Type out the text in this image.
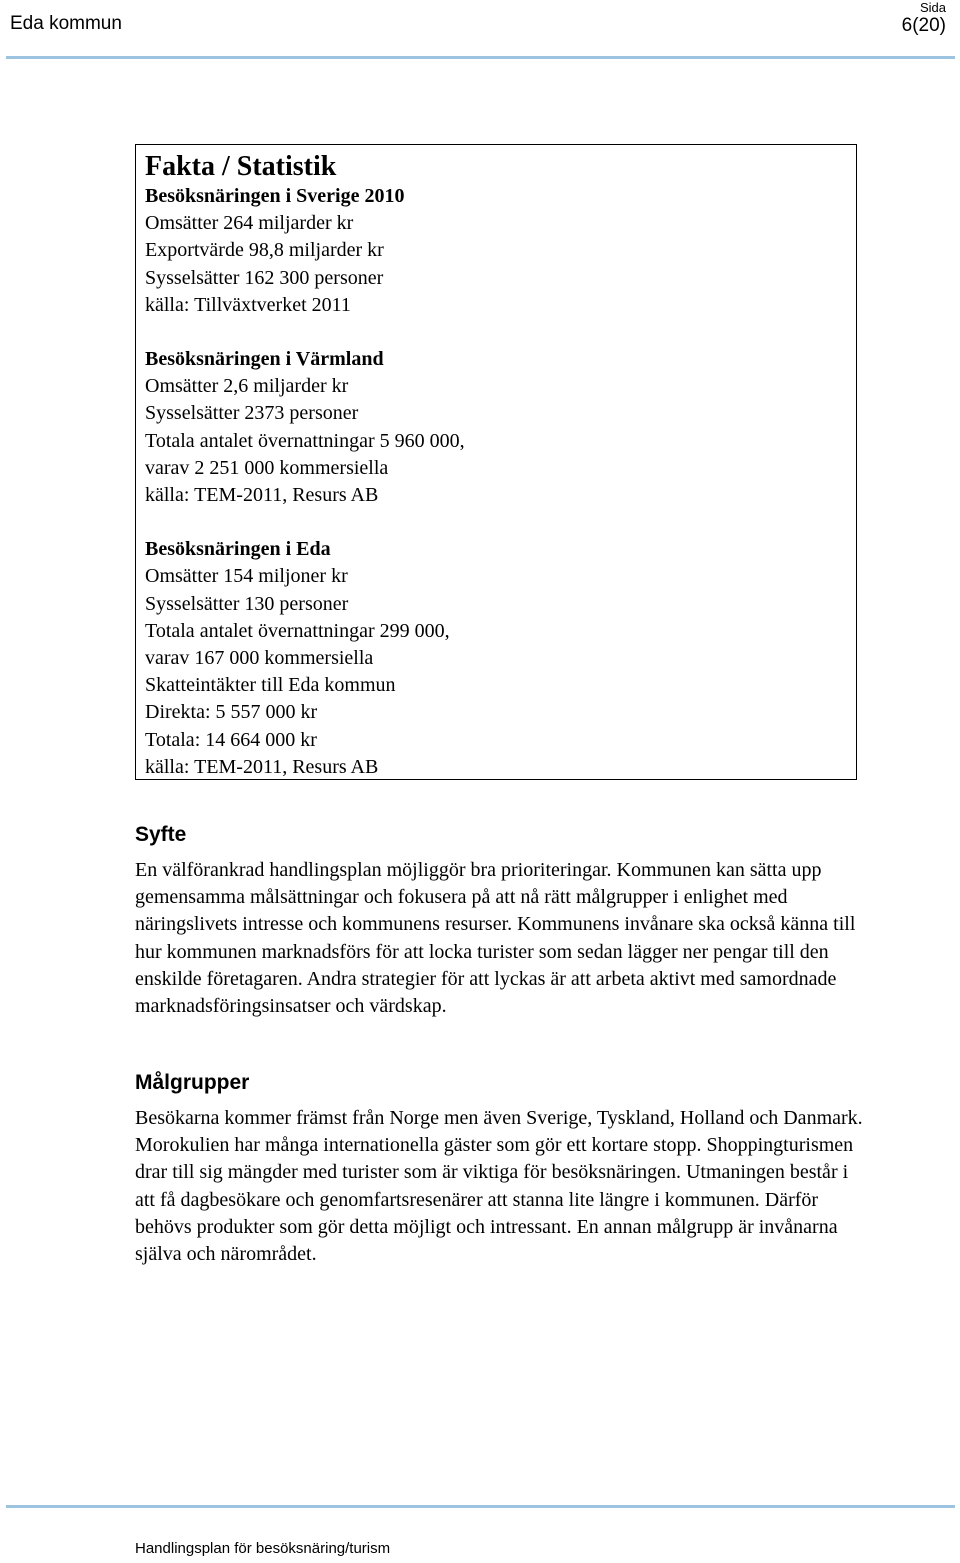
Eda kommun
Sida
6(20)
Fakta / Statistik
Besöksnäringen i Sverige 2010
Omsätter 264 miljarder kr
Exportvärde 98,8 miljarder kr
Sysselsätter 162 300 personer
källa: Tillväxtverket 2011
Besöksnäringen i Värmland
Omsätter 2,6 miljarder kr
Sysselsätter 2373 personer
Totala antalet övernattningar 5 960 000,
varav 2 251 000 kommersiella
källa: TEM-2011, Resurs AB
Besöksnäringen i Eda
Omsätter 154 miljoner kr
Sysselsätter 130 personer
Totala antalet övernattningar 299 000,
varav 167 000 kommersiella
Skatteintäkter till Eda kommun
Direkta: 5 557 000 kr
Totala: 14 664 000 kr
källa: TEM-2011, Resurs AB
Syfte

En välförankrad handlingsplan möjliggör bra prioriteringar. Kommunen kan sätta upp gemensamma målsättningar och fokusera på att nå rätt målgrupper i enlighet med näringslivets intresse och kommunens resurser. Kommunens invånare ska också känna till hur kommunen marknadsförs för att locka turister som sedan lägger ner pengar till den enskilde företagaren. Andra strategier för att lyckas är att arbeta aktivt med samordnade marknadsföringsinsatser och värdskap.

Målgrupper

Besökarna kommer främst från Norge men även Sverige, Tyskland, Holland och Danmark. Morokulien har många internationella gäster som gör ett kortare stopp. Shoppingturismen drar till sig mängder med turister som är viktiga för besöksnäringen. Utmaningen består i att få dagbesökare och genomfartsresenärer att stanna lite längre i kommunen. Därför behövs produkter som gör detta möjligt och intressant. En annan målgrupp är invånarna själva och närområdet.

Handlingsplan för besöksnäring/turism
